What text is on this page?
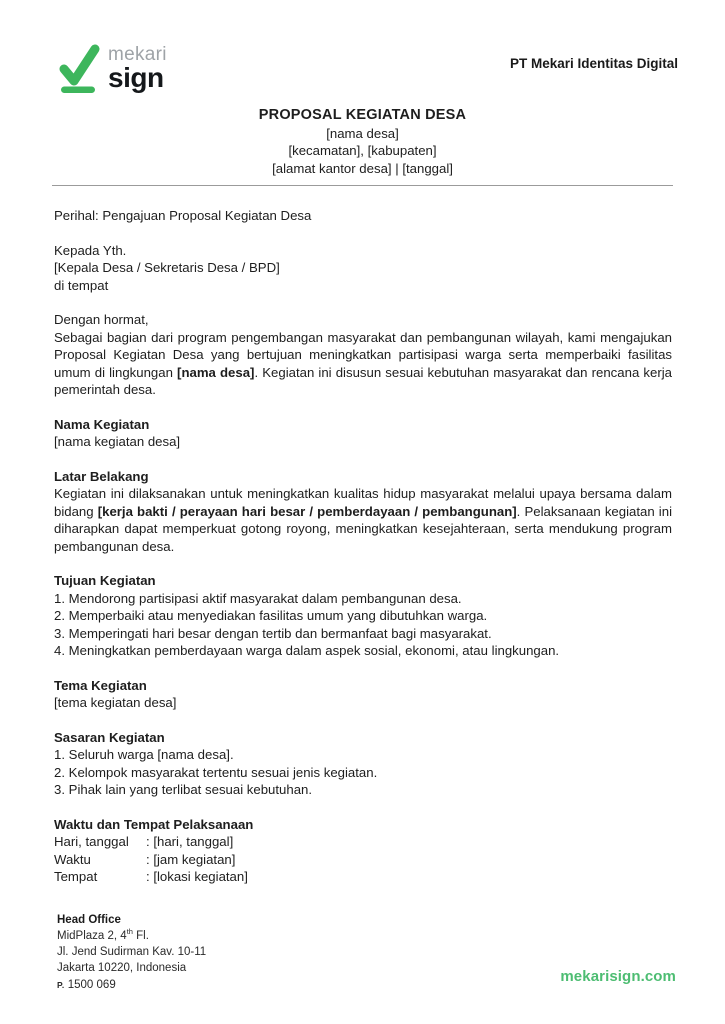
mekari
sign	PT Mekari Identitas Digital
PROPOSAL KEGIATAN DESA
[nama desa]
[kecamatan], [kabupaten]
[alamat kantor desa] | [tanggal]
Perihal: Pengajuan Proposal Kegiatan Desa
Kepada Yth.
[Kepala Desa / Sekretaris Desa / BPD]
di tempat
Dengan hormat,
Sebagai bagian dari program pengembangan masyarakat dan pembangunan wilayah, kami mengajukan Proposal Kegiatan Desa yang bertujuan meningkatkan partisipasi warga serta memperbaiki fasilitas umum di lingkungan [nama desa]. Kegiatan ini disusun sesuai kebutuhan masyarakat dan rencana kerja pemerintah desa.
Nama Kegiatan
[nama kegiatan desa]
Latar Belakang
Kegiatan ini dilaksanakan untuk meningkatkan kualitas hidup masyarakat melalui upaya bersama dalam bidang [kerja bakti / perayaan hari besar / pemberdayaan / pembangunan]. Pelaksanaan kegiatan ini diharapkan dapat memperkuat gotong royong, meningkatkan kesejahteraan, serta mendukung program pembangunan desa.
Tujuan Kegiatan
1. Mendorong partisipasi aktif masyarakat dalam pembangunan desa.
2. Memperbaiki atau menyediakan fasilitas umum yang dibutuhkan warga.
3. Memperingati hari besar dengan tertib dan bermanfaat bagi masyarakat.
4. Meningkatkan pemberdayaan warga dalam aspek sosial, ekonomi, atau lingkungan.
Tema Kegiatan
[tema kegiatan desa]
Sasaran Kegiatan
1. Seluruh warga [nama desa].
2. Kelompok masyarakat tertentu sesuai jenis kegiatan.
3. Pihak lain yang terlibat sesuai kebutuhan.
Waktu dan Tempat Pelaksanaan
Hari, tanggal	: [hari, tanggal]
Waktu	: [jam kegiatan]
Tempat	: [lokasi kegiatan]
Head Office
MidPlaza 2, 4th Fl.
Jl. Jend Sudirman Kav. 10-11
Jakarta 10220, Indonesia
P. 1500 069	mekarisign.com
